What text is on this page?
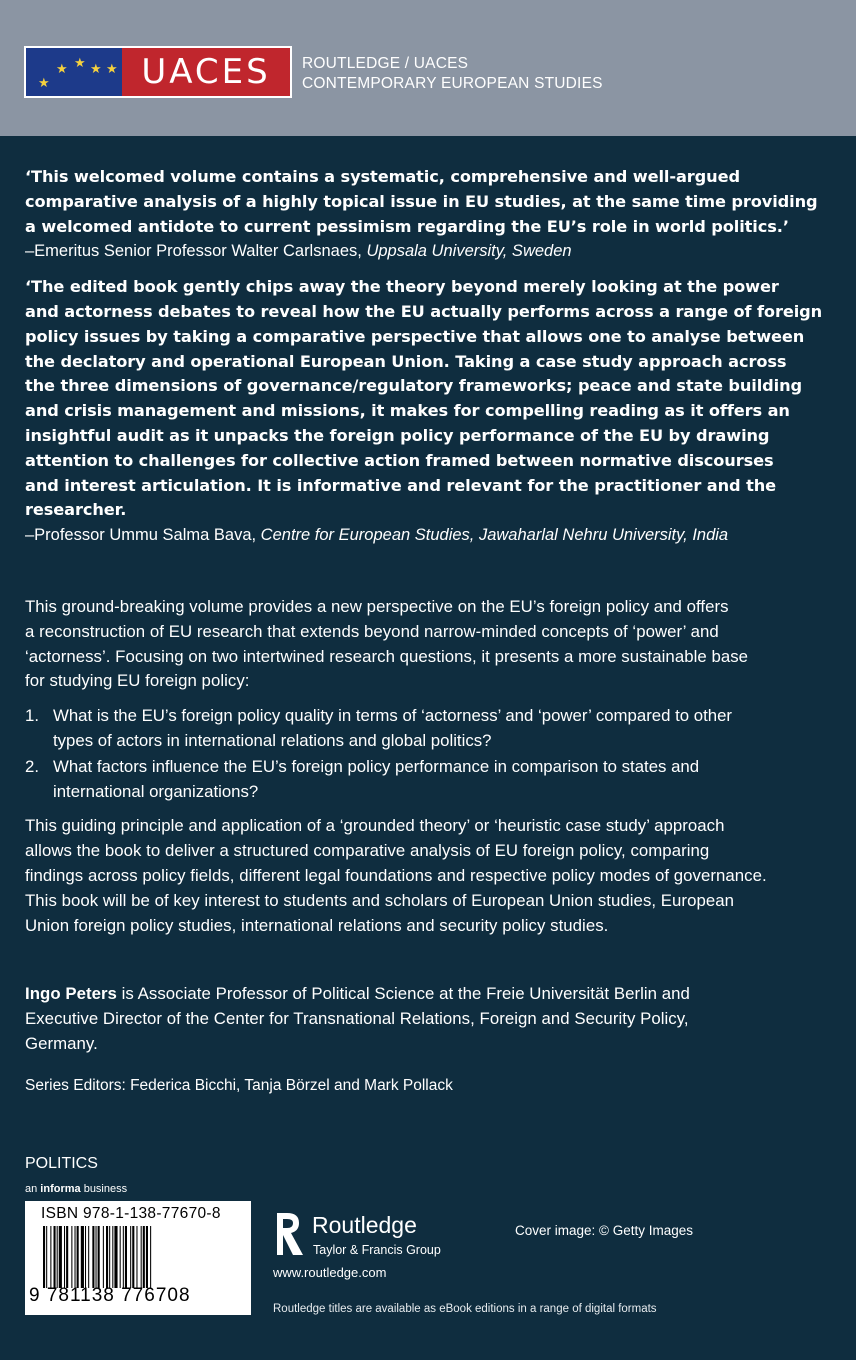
★ ★ ★ ★
★	UACES	ROUTLEDGE / UACES
CONTEMPORARY EUROPEAN STUDIES

‘This welcomed volume contains a systematic, comprehensive and well-argued

comparative analysis of a highly topical issue in EU studies, at the same time providing

a welcomed antidote to current pessimism regarding the EU’s role in world politics.’

–Emeritus Senior Professor Walter Carlsnaes, Uppsala University, Sweden

‘The edited book gently chips away the theory beyond merely looking at the power

and actorness debates to reveal how the EU actually performs across a range of foreign

policy issues by taking a comparative perspective that allows one to analyse between

the declatory and operational European Union. Taking a case study approach across

the three dimensions of governance/regulatory frameworks; peace and state building

and crisis management and missions, it makes for compelling reading as it offers an

insightful audit as it unpacks the foreign policy performance of the EU by drawing

attention to challenges for collective action framed between normative discourses

and interest articulation. It is informative and relevant for the practitioner and the

researcher.

–Professor Ummu Salma Bava, Centre for European Studies, Jawaharlal Nehru University, India

This ground-breaking volume provides a new perspective on the EU’s foreign policy and offers

a reconstruction of EU research that extends beyond narrow-minded concepts of ‘power’ and

‘actorness’. Focusing on two intertwined research questions, it presents a more sustainable base

for studying EU foreign policy:

1. What is the EU’s foreign policy quality in terms of ‘actorness’ and ‘power’ compared to other
types of actors in international relations and global politics?
2. What factors influence the EU’s foreign policy performance in comparison to states and
international organizations?

This guiding principle and application of a ‘grounded theory’ or ‘heuristic case study’ approach

allows the book to deliver a structured comparative analysis of EU foreign policy, comparing

findings across policy fields, different legal foundations and respective policy modes of governance.

This book will be of key interest to students and scholars of European Union studies, European

Union foreign policy studies, international relations and security policy studies.

Ingo Peters is Associate Professor of Political Science at the Freie Universität Berlin and

Executive Director of the Center for Transnational Relations, Foreign and Security Policy,

Germany.

Series Editors: Federica Bicchi, Tanja Börzel and Mark Pollack

POLITICS
an informa business
ISBN 978-1-138-77670-8
9 781138 776708
Routledge
Taylor & Francis Group
www.routledge.com
Cover image: © Getty Images
Routledge titles are available as eBook editions in a range of digital formats
